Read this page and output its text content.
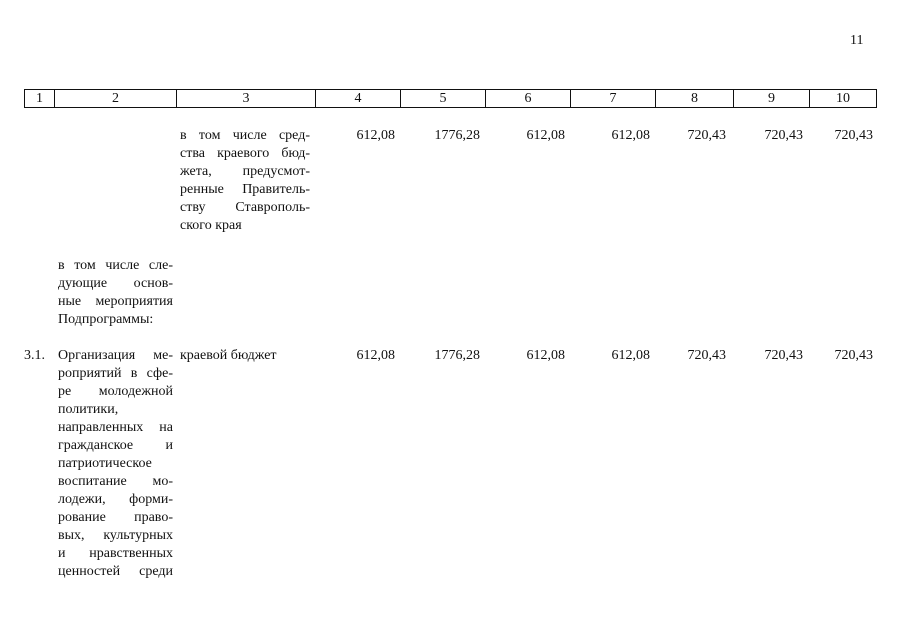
11
1	2	3	4	5	6	7	8	9	10
в том числе сред-
ства краевого бюд-
жета, предусмот-
ренные Правитель-
ству Ставрополь-
ского края
612,08	1776,28	612,08	612,08	720,43	720,43	720,43
в том числе сле-
дующие основ-
ные мероприятия
Подпрограммы:
3.1. Организация ме-
роприятий в сфе-
ре молодежной
политики,
направленных на
гражданское и
патриотическое
воспитание мо-
лодежи, форми-
рование право-
вых, культурных
и нравственных
ценностей среди
краевой бюджет	612,08	1776,28	612,08	612,08	720,43	720,43	720,43
